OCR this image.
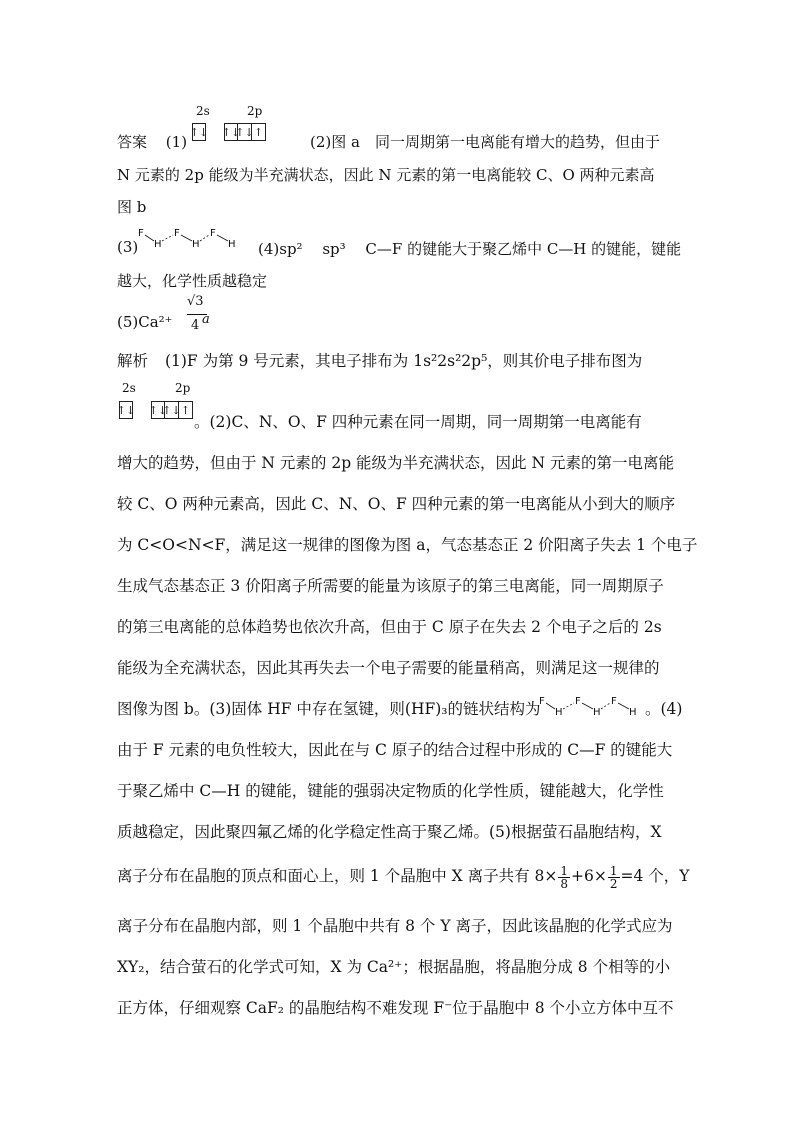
答案 (1)
2s	2p
↑↓ ↑↓
↑↓ ↑
(2)图 a　同一周期第一电离能有增大的趋势，但由于
N 元素的 2p 能级为半充满状态，因此 N 元素的第一电离能较 C、O 两种元素高
图 b
(3)
F
H
F
H
F
H (4)sp² 　sp³ 　C—F 的键能大于聚乙烯中 C—H 的键能，键能
越大，化学性质越稳定
(5)Ca²⁺
√3
4 a
解析 (1)F 为第 9 号元素，其电子排布为 1s²2s²2p⁵，则其价电子排布图为
2s	2p
↑↓ ↑↓
↑↓ ↑
。(2)C、N、O、F 四种元素在同一周期，同一周期第一电离能有
增大的趋势，但由于 N 元素的 2p 能级为半充满状态，因此 N 元素的第一电离能
较 C、O 两种元素高，因此 C、N、O、F 四种元素的第一电离能从小到大的顺序
为 C<O<N<F，满足这一规律的图像为图 a，气态基态正 2 价阳离子失去 1 个电子
生成气态基态正 3 价阳离子所需要的能量为该原子的第三电离能，同一周期原子
的第三电离能的总体趋势也依次升高，但由于 C 原子在失去 2 个电子之后的 2s
能级为全充满状态，因此其再失去一个电子需要的能量稍高，则满足这一规律的
图像为图 b。(3)固体 HF 中存在氢键，则(HF)₃的链状结构为
F
H
F
H
F
H 。(4)
由于 F 元素的电负性较大，因此在与 C 原子的结合过程中形成的 C—F 的键能大
于聚乙烯中 C—H 的键能，键能的强弱决定物质的化学性质，键能越大，化学性
质越稳定，因此聚四氟乙烯的化学稳定性高于聚乙烯。(5)根据萤石晶胞结构，X
离子分布在晶胞的顶点和面心上，则 1 个晶胞中 X 离子共有 $8\times \frac{1}{8} +6\times \frac{1}{2} =4$ 个，Y
离子分布在晶胞内部，则 1 个晶胞中共有 8 个 Y 离子，因此该晶胞的化学式应为
XY₂，结合萤石的化学式可知，X 为 Ca²⁺；根据晶胞，将晶胞分成 8 个相等的小
正方体，仔细观察 CaF₂ 的晶胞结构不难发现 F⁻位于晶胞中 8 个小立方体中互不
